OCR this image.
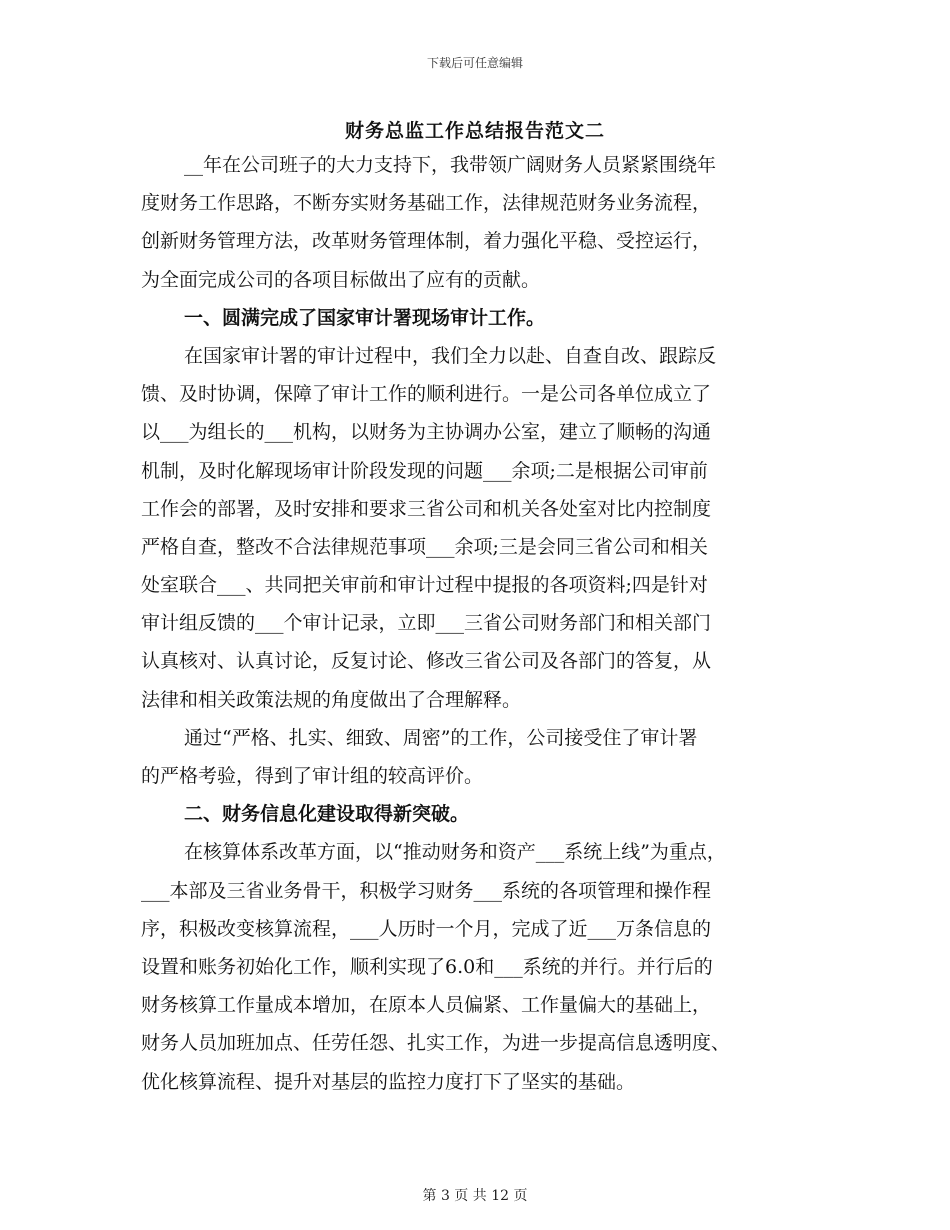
下载后可任意编辑
财务总监工作总结报告范文二
__年在公司班子的大力支持下，我带领广阔财务人员紧紧围绕年
度财务工作思路，不断夯实财务基础工作，法律规范财务业务流程，
创新财务管理方法，改革财务管理体制，着力强化平稳、受控运行，
为全面完成公司的各项目标做出了应有的贡献。
一、圆满完成了国家审计署现场审计工作。
在国家审计署的审计过程中，我们全力以赴、自查自改、跟踪反
馈、及时协调，保障了审计工作的顺利进行。一是公司各单位成立了
以___为组长的___机构，以财务为主协调办公室，建立了顺畅的沟通
机制，及时化解现场审计阶段发现的问题___余项;二是根据公司审前
工作会的部署，及时安排和要求三省公司和机关各处室对比内控制度
严格自查，整改不合法律规范事项___余项;三是会同三省公司和相关
处室联合___、共同把关审前和审计过程中提报的各项资料;四是针对
审计组反馈的___个审计记录，立即___三省公司财务部门和相关部门
认真核对、认真讨论，反复讨论、修改三省公司及各部门的答复，从
法律和相关政策法规的角度做出了合理解释。
通过“严格、扎实、细致、周密”的工作，公司接受住了审计署
的严格考验，得到了审计组的较高评价。
二、财务信息化建设取得新突破。
在核算体系改革方面，以“推动财务和资产___系统上线”为重点，
___本部及三省业务骨干，积极学习财务___系统的各项管理和操作程
序，积极改变核算流程，___人历时一个月，完成了近___万条信息的
设置和账务初始化工作，顺利实现了6.0和___系统的并行。并行后的
财务核算工作量成本增加，在原本人员偏紧、工作量偏大的基础上，
财务人员加班加点、任劳任怨、扎实工作，为进一步提高信息透明度、
优化核算流程、提升对基层的监控力度打下了坚实的基础。
第 3 页 共 12 页
